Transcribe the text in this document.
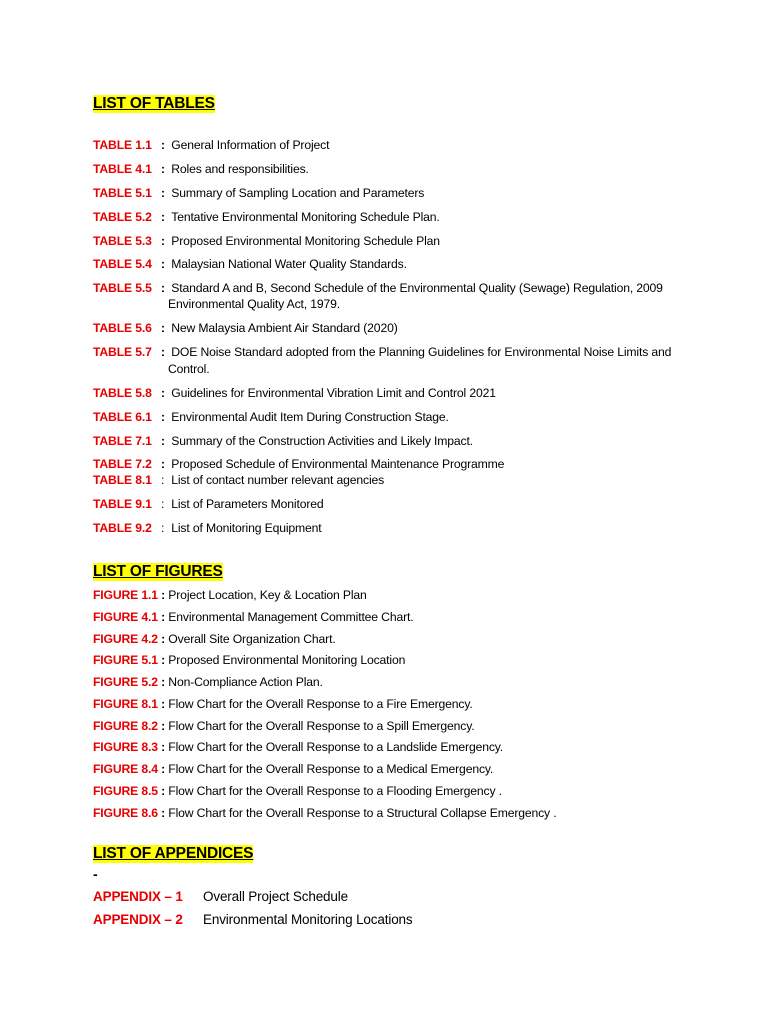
LIST OF TABLES
TABLE 1.1 : General Information of Project
TABLE 4.1 : Roles and responsibilities.
TABLE 5.1 : Summary of Sampling Location and Parameters
TABLE 5.2 : Tentative Environmental Monitoring Schedule Plan.
TABLE 5.3 : Proposed Environmental Monitoring Schedule Plan
TABLE 5.4 : Malaysian National Water Quality Standards.
TABLE 5.5 : Standard A and B, Second Schedule of the Environmental Quality (Sewage) Regulation, 2009
Environmental Quality Act, 1979.
TABLE 5.6 : New Malaysia Ambient Air Standard (2020)
TABLE 5.7 : DOE Noise Standard adopted from the Planning Guidelines for Environmental Noise Limits and
Control.
TABLE 5.8 : Guidelines for Environmental Vibration Limit and Control 2021
TABLE 6.1 : Environmental Audit Item During Construction Stage.
TABLE 7.1 : Summary of the Construction Activities and Likely Impact.
TABLE 7.2 : Proposed Schedule of Environmental Maintenance Programme
TABLE 8.1 : List of contact number relevant agencies
TABLE 9.1 : List of Parameters Monitored
TABLE 9.2 : List of Monitoring Equipment
LIST OF FIGURES
FIGURE 1.1 : Project Location, Key & Location Plan
FIGURE 4.1 : Environmental Management Committee Chart.
FIGURE 4.2 : Overall Site Organization Chart.
FIGURE 5.1 : Proposed Environmental Monitoring Location
FIGURE 5.2 : Non-Compliance Action Plan.
FIGURE 8.1 : Flow Chart for the Overall Response to a Fire Emergency.
FIGURE 8.2 : Flow Chart for the Overall Response to a Spill Emergency.
FIGURE 8.3 : Flow Chart for the Overall Response to a Landslide Emergency.
FIGURE 8.4 : Flow Chart for the Overall Response to a Medical Emergency.
FIGURE 8.5 : Flow Chart for the Overall Response to a Flooding Emergency .
FIGURE 8.6 : Flow Chart for the Overall Response to a Structural Collapse Emergency .
LIST OF APPENDICES
-
APPENDIX – 1 Overall Project Schedule
APPENDIX – 2 Environmental Monitoring Locations
